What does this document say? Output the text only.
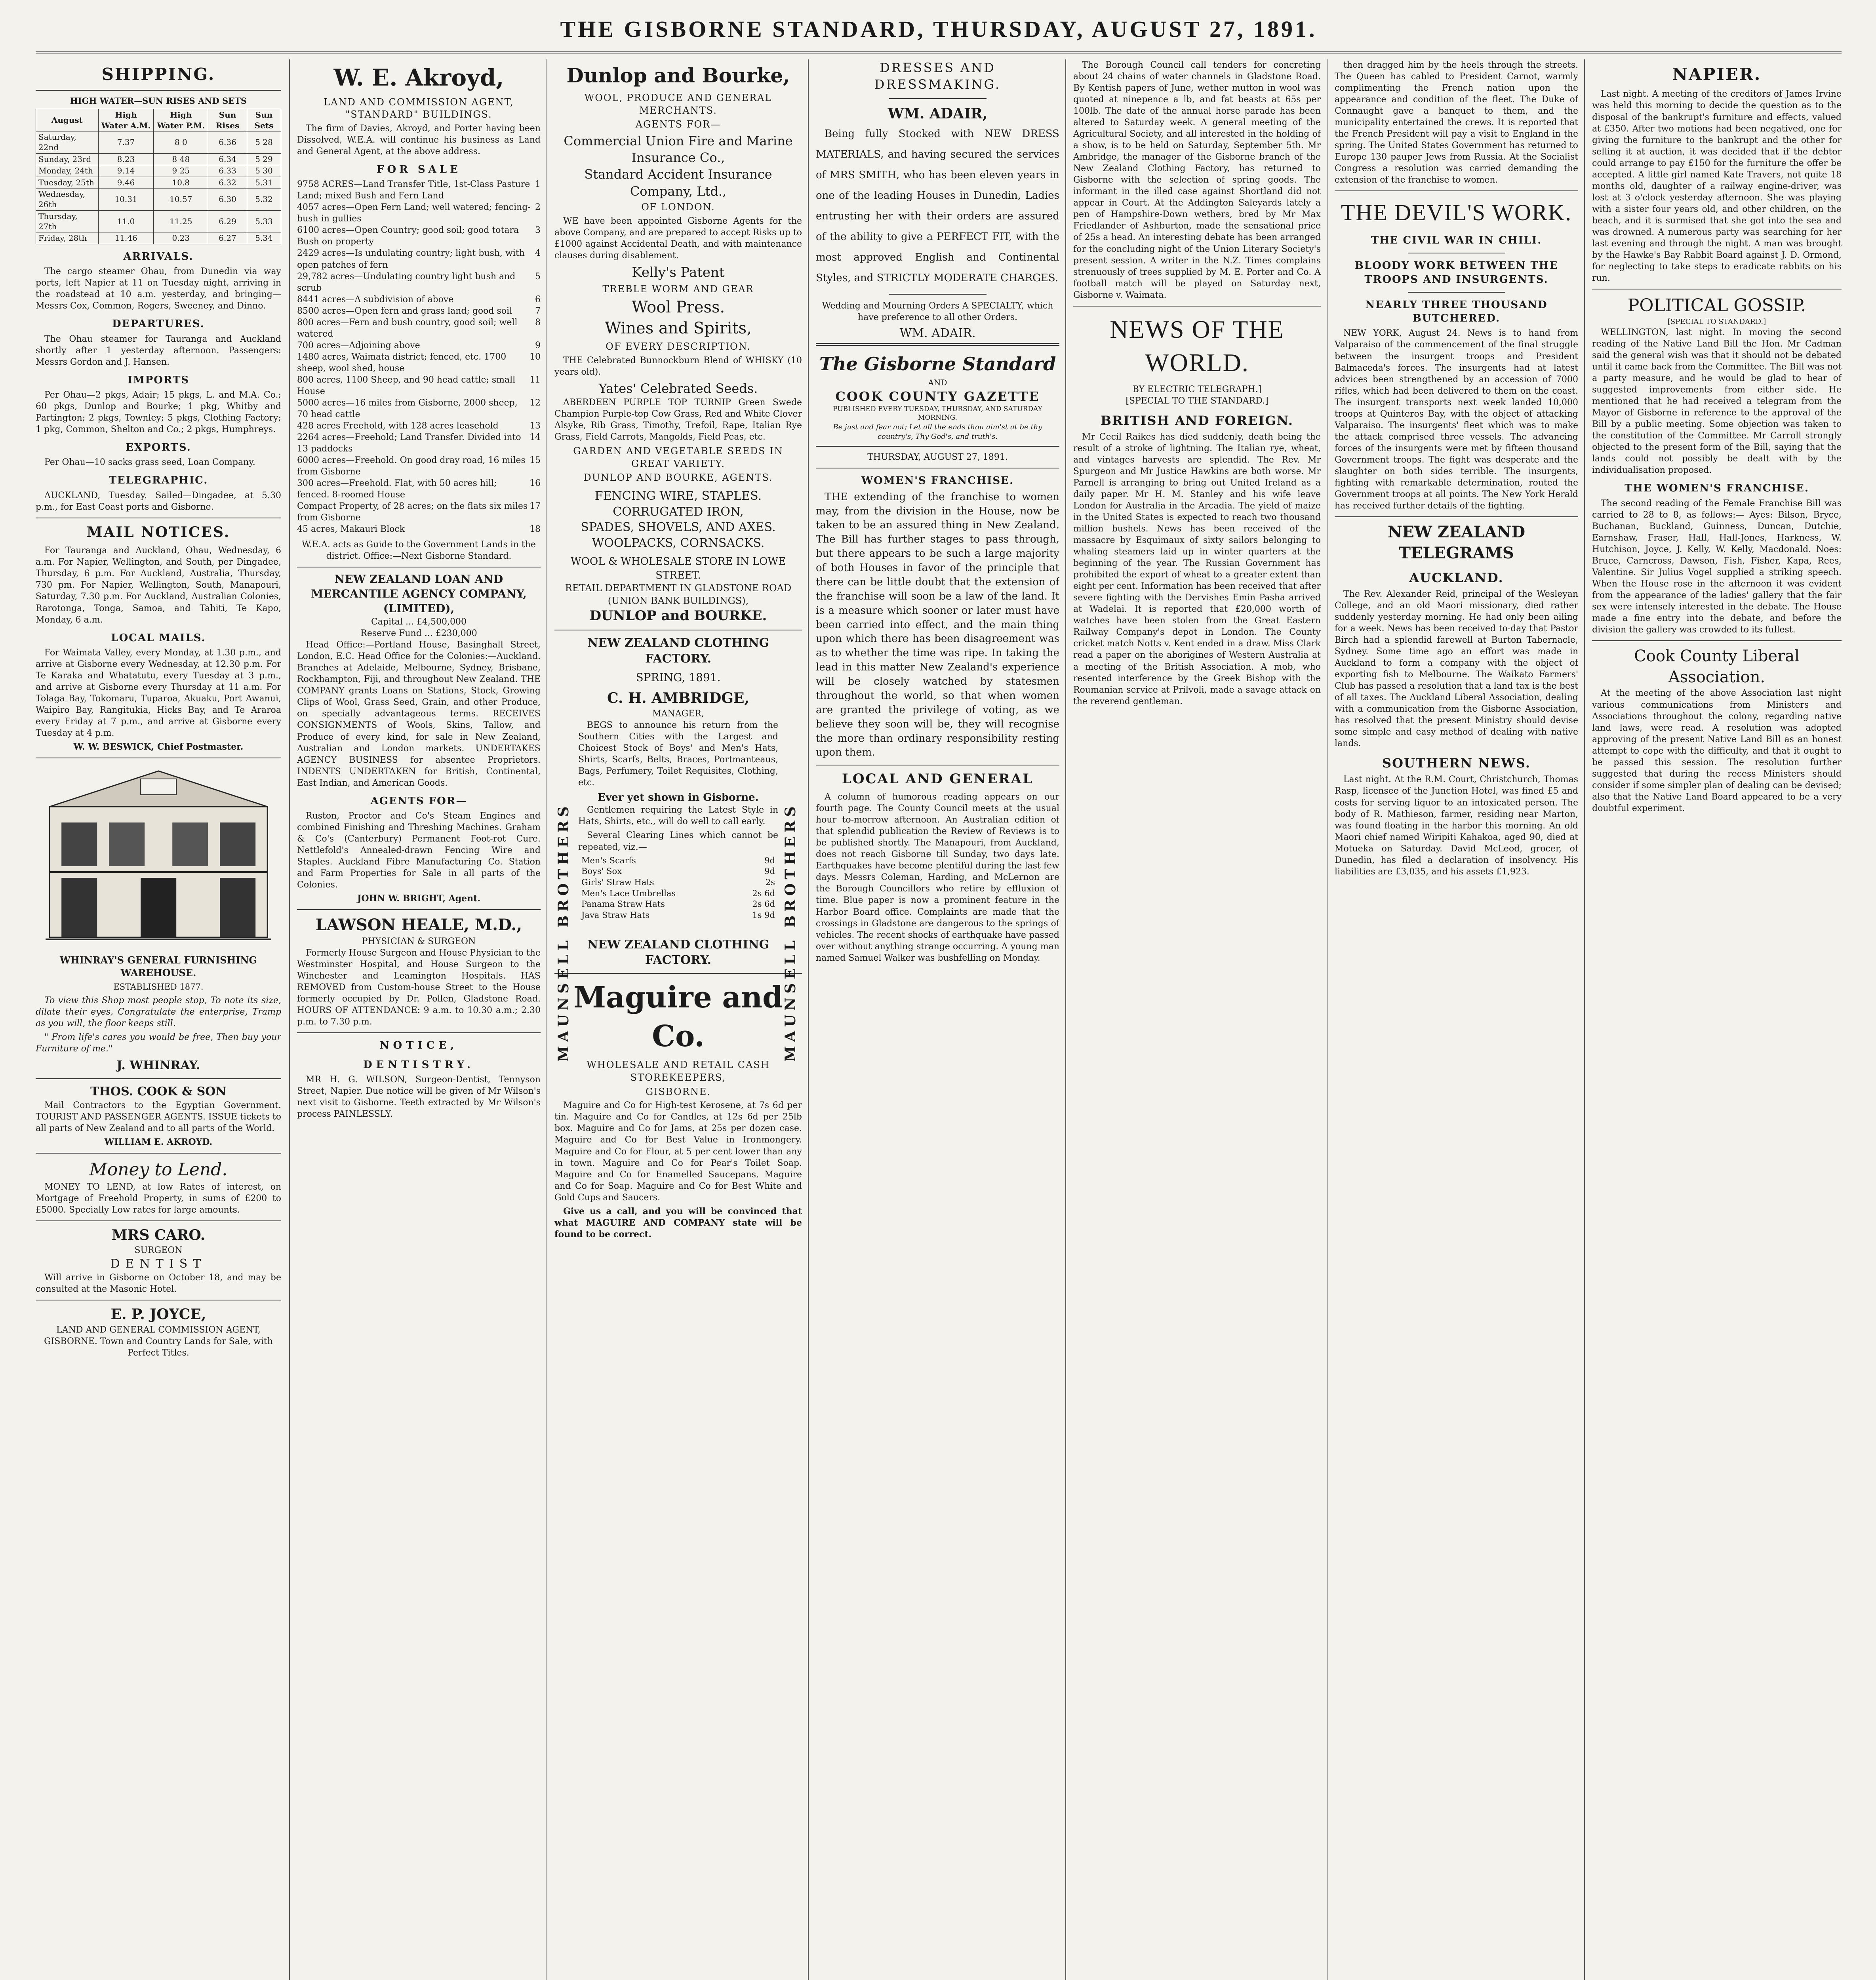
THE GISBORNE STANDARD, THURSDAY, AUGUST 27, 1891.
SHIPPING.
HIGH WATER—SUN RISES AND SETS
August	High Water A.M.	High Water P.M.	Sun Rises	Sun Sets
Saturday, 22nd	7.37	8 0	6.36	5 28
Sunday, 23rd	8.23	8 48	6.34	5 29
Monday, 24th	9.14	9 25	6.33	5 30
Tuesday, 25th	9.46	10.8	6.32	5.31
Wednesday, 26th	10.31	10.57	6.30	5.32
Thursday, 27th	11.0	11.25	6.29	5.33
Friday, 28th	11.46	0.23	6.27	5.34
ARRIVALS.

The cargo steamer Ohau, from Dunedin via way ports, left Napier at 11 on Tuesday night, arriving in the roadstead at 10 a.m. yesterday, and bringing—Messrs Cox, Common, Rogers, Sweeney, and Dinno.

DEPARTURES.

The Ohau steamer for Tauranga and Auckland shortly after 1 yesterday afternoon. Passengers: Messrs Gordon and J. Hansen.

IMPORTS

Per Ohau—2 pkgs, Adair; 15 pkgs, L. and M.A. Co.; 60 pkgs, Dunlop and Bourke; 1 pkg, Whitby and Partington; 2 pkgs, Townley; 5 pkgs, Clothing Factory; 1 pkg, Common, Shelton and Co.; 2 pkgs, Humphreys.

EXPORTS.

Per Ohau—10 sacks grass seed, Loan Company.

TELEGRAPHIC.

AUCKLAND, Tuesday. Sailed—Dingadee, at 5.30 p.m., for East Coast ports and Gisborne.

MAIL NOTICES.

For Tauranga and Auckland, Ohau, Wednesday, 6 a.m. For Napier, Wellington, and South, per Dingadee, Thursday, 6 p.m. For Auckland, Australia, Thursday, 730 pm. For Napier, Wellington, South, Manapouri, Saturday, 7.30 p.m. For Auckland, Australian Colonies, Rarotonga, Tonga, Samoa, and Tahiti, Te Kapo, Monday, 6 a.m.

LOCAL MAILS.

For Waimata Valley, every Monday, at 1.30 p.m., and arrive at Gisborne every Wednesday, at 12.30 p.m. For Te Karaka and Whatatutu, every Tuesday at 3 p.m., and arrive at Gisborne every Thursday at 11 a.m. For Tolaga Bay, Tokomaru, Tuparoa, Akuaku, Port Awanui, Waipiro Bay, Rangitukia, Hicks Bay, and Te Araroa every Friday at 7 p.m., and arrive at Gisborne every Tuesday at 4 p.m.

W. W. BESWICK, Chief Postmaster.

WHINRAY'S GENERAL FURNISHING WAREHOUSE.
ESTABLISHED 1877.

To view this Shop most people stop, To note its size, dilate their eyes, Congratulate the enterprise, Tramp as you will, the floor keeps still.

" From life's cares you would be free, Then buy your Furniture of me."

J. WHINRAY.
THOS. COOK & SON

Mail Contractors to the Egyptian Government. TOURIST AND PASSENGER AGENTS. ISSUE tickets to all parts of New Zealand and to all parts of the World.

WILLIAM E. AKROYD.
Money to Lend.

MONEY TO LEND, at low Rates of interest, on Mortgage of Freehold Property, in sums of £200 to £5000. Specially Low rates for large amounts.

MRS CARO.
SURGEON
DENTIST

Will arrive in Gisborne on October 18, and may be consulted at the Masonic Hotel.

E. P. JOYCE,

LAND AND GENERAL COMMISSION AGENT, GISBORNE. Town and Country Lands for Sale, with Perfect Titles.

W. E. Akroyd,
LAND AND COMMISSION AGENT, "STANDARD" BUILDINGS.

The firm of Davies, Akroyd, and Porter having been Dissolved, W.E.A. will continue his business as Land and General Agent, at the above address.

FOR SALE
9758 ACRES—Land Transfer Title, 1st-Class Pasture Land; mixed Bush and Fern Land
1
4057 acres—Open Fern Land; well watered; fencing-bush in gullies
2
6100 acres—Open Country; good soil; good totara Bush on property
3
2429 acres—Is undulating country; light bush, with open patches of fern
4
29,782 acres—Undulating country light bush and scrub
5
8441 acres—A subdivision of above	6
8500 acres—Open fern and grass land; good soil	7
800 acres—Fern and bush country, good soil; well watered
8
700 acres—Adjoining above	9
1480 acres, Waimata district; fenced, etc. 1700 sheep, wool shed, house
10
800 acres, 1100 Sheep, and 90 head cattle; small House
11
5000 acres—16 miles from Gisborne, 2000 sheep, 70 head cattle
12
428 acres Freehold, with 128 acres leasehold	13
2264 acres—Freehold; Land Transfer. Divided into 13 paddocks
14
6000 acres—Freehold. On good dray road, 16 miles from Gisborne
15
300 acres—Freehold. Flat, with 50 acres hill; fenced. 8-roomed House
16
Compact Property, of 28 acres; on the flats six miles from Gisborne
17
45 acres, Makauri Block	18

W.E.A. acts as Guide to the Government Lands in the district. Office:—Next Gisborne Standard.

NEW ZEALAND LOAN AND MERCANTILE AGENCY COMPANY, (LIMITED),
Capital ... £4,500,000
Reserve Fund ... £230,000

Head Office:—Portland House, Basinghall Street, London, E.C. Head Office for the Colonies:—Auckland. Branches at Adelaide, Melbourne, Sydney, Brisbane, Rockhampton, Fiji, and throughout New Zealand. THE COMPANY grants Loans on Stations, Stock, Growing Clips of Wool, Grass Seed, Grain, and other Produce, on specially advantageous terms. RECEIVES CONSIGNMENTS of Wools, Skins, Tallow, and Produce of every kind, for sale in New Zealand, Australian and London markets. UNDERTAKES AGENCY BUSINESS for absentee Proprietors. INDENTS UNDERTAKEN for British, Continental, East Indian, and American Goods.

AGENTS FOR—

Ruston, Proctor and Co's Steam Engines and combined Finishing and Threshing Machines. Graham & Co's (Canterbury) Permanent Foot-rot Cure. Nettlefold's Annealed-drawn Fencing Wire and Staples. Auckland Fibre Manufacturing Co. Station and Farm Properties for Sale in all parts of the Colonies.

JOHN W. BRIGHT, Agent.
LAWSON HEALE, M.D.,
PHYSICIAN & SURGEON

Formerly House Surgeon and House Physician to the Westminster Hospital, and House Surgeon to the Winchester and Leamington Hospitals. HAS REMOVED from Custom-house Street to the House formerly occupied by Dr. Pollen, Gladstone Road. HOURS OF ATTENDANCE: 9 a.m. to 10.30 a.m.; 2.30 p.m. to 7.30 p.m.

NOTICE,
DENTISTRY.

MR H. G. WILSON, Surgeon-Dentist, Tennyson Street, Napier. Due notice will be given of Mr Wilson's next visit to Gisborne. Teeth extracted by Mr Wilson's process PAINLESSLY.

Dunlop and Bourke,
WOOL, PRODUCE AND GENERAL MERCHANTS.
AGENTS FOR—
Commercial Union Fire and Marine Insurance Co.,
Standard Accident Insurance Company, Ltd.,
OF LONDON.

WE have been appointed Gisborne Agents for the above Company, and are prepared to accept Risks up to £1000 against Accidental Death, and with maintenance clauses during disablement.

Kelly's Patent
TREBLE WORM AND GEAR
Wool Press.
Wines and Spirits,
OF EVERY DESCRIPTION.

THE Celebrated Bunnockburn Blend of WHISKY (10 years old).

Yates' Celebrated Seeds.

ABERDEEN PURPLE TOP TURNIP Green Swede Champion Purple-top Cow Grass, Red and White Clover Alsyke, Rib Grass, Timothy, Trefoil, Rape, Italian Rye Grass, Field Carrots, Mangolds, Field Peas, etc.

GARDEN AND VEGETABLE SEEDS IN GREAT VARIETY.
DUNLOP AND BOURKE, AGENTS.
FENCING WIRE, STAPLES.
CORRUGATED IRON,
SPADES, SHOVELS, AND AXES.
WOOLPACKS, CORNSACKS.
WOOL & WHOLESALE STORE IN LOWE STREET.
RETAIL DEPARTMENT IN GLADSTONE ROAD (UNION BANK BUILDINGS),
DUNLOP and BOURKE.
MAUNSELL BROTHERS	MAUNSELL BROTHERS
NEW ZEALAND CLOTHING FACTORY.
SPRING, 1891.
C. H. AMBRIDGE,
MANAGER,

BEGS to announce his return from the Southern Cities with the Largest and Choicest Stock of Boys' and Men's Hats, Shirts, Scarfs, Belts, Braces, Portmanteaus, Bags, Perfumery, Toilet Requisites, Clothing, etc.

Ever yet shown in Gisborne.

Gentlemen requiring the Latest Style in Hats, Shirts, etc., will do well to call early.

Several Clearing Lines which cannot be repeated, viz.—

Men's Scarfs	9d
Boys' Sox	9d
Girls' Straw Hats	2s
Men's Lace Umbrellas	2s 6d
Panama Straw Hats	2s 6d
Java Straw Hats	1s 9d
NEW ZEALAND CLOTHING FACTORY.
Maguire and Co.
WHOLESALE AND RETAIL CASH STOREKEEPERS,
GISBORNE.

Maguire and Co for High-test Kerosene, at 7s 6d per tin. Maguire and Co for Candles, at 12s 6d per 25lb box. Maguire and Co for Jams, at 25s per dozen case. Maguire and Co for Best Value in Ironmongery. Maguire and Co for Flour, at 5 per cent lower than any in town. Maguire and Co for Pear's Toilet Soap. Maguire and Co for Enamelled Saucepans. Maguire and Co for Soap. Maguire and Co for Best White and Gold Cups and Saucers.

Give us a call, and you will be convinced that what MAGUIRE AND COMPANY state will be found to be correct.

DRESSES AND DRESSMAKING.
WM. ADAIR,

Being fully Stocked with NEW DRESS MATERIALS, and having secured the services of MRS SMITH, who has been eleven years in one of the leading Houses in Dunedin, Ladies entrusting her with their orders are assured of the ability to give a PERFECT FIT, with the most approved English and Continental Styles, and STRICTLY MODERATE CHARGES.

Wedding and Mourning Orders A SPECIALTY, which have preference to all other Orders.

WM. ADAIR.
The Gisborne Standard
AND
COOK COUNTY GAZETTE
PUBLISHED EVERY TUESDAY, THURSDAY, AND SATURDAY MORNING.
Be just and fear not; Let all the ends thou aim'st at be thy country's, Thy God's, and truth's.
THURSDAY, AUGUST 27, 1891.
WOMEN'S FRANCHISE.

THE extending of the franchise to women may, from the division in the House, now be taken to be an assured thing in New Zealand. The Bill has further stages to pass through, but there appears to be such a large majority of both Houses in favor of the principle that there can be little doubt that the extension of the franchise will soon be a law of the land. It is a measure which sooner or later must have been carried into effect, and the main thing upon which there has been disagreement was as to whether the time was ripe. In taking the lead in this matter New Zealand's experience will be closely watched by statesmen throughout the world, so that when women are granted the privilege of voting, as we believe they soon will be, they will recognise the more than ordinary responsibility resting upon them.

LOCAL AND GENERAL

A column of humorous reading appears on our fourth page. The County Council meets at the usual hour to-morrow afternoon. An Australian edition of that splendid publication the Review of Reviews is to be published shortly. The Manapouri, from Auckland, does not reach Gisborne till Sunday, two days late. Earthquakes have become plentiful during the last few days. Messrs Coleman, Harding, and McLernon are the Borough Councillors who retire by effluxion of time. Blue paper is now a prominent feature in the Harbor Board office. Complaints are made that the crossings in Gladstone are dangerous to the springs of vehicles. The recent shocks of earthquake have passed over without anything strange occurring. A young man named Samuel Walker was bushfelling on Monday.

The Borough Council call tenders for concreting about 24 chains of water channels in Gladstone Road. By Kentish papers of June, wether mutton in wool was quoted at ninepence a lb, and fat beasts at 65s per 100lb. The date of the annual horse parade has been altered to Saturday week. A general meeting of the Agricultural Society, and all interested in the holding of a show, is to be held on Saturday, September 5th. Mr Ambridge, the manager of the Gisborne branch of the New Zealand Clothing Factory, has returned to Gisborne with the selection of spring goods. The informant in the illed case against Shortland did not appear in Court. At the Addington Saleyards lately a pen of Hampshire-Down wethers, bred by Mr Max Friedlander of Ashburton, made the sensational price of 25s a head. An interesting debate has been arranged for the concluding night of the Union Literary Society's present session. A writer in the N.Z. Times complains strenuously of trees supplied by M. E. Porter and Co. A football match will be played on Saturday next, Gisborne v. Waimata.

NEWS OF THE WORLD.
BY ELECTRIC TELEGRAPH.]
[SPECIAL TO THE STANDARD.]
BRITISH AND FOREIGN.

Mr Cecil Raikes has died suddenly, death being the result of a stroke of lightning. The Italian rye, wheat, and vintages harvests are splendid. The Rev. Mr Spurgeon and Mr Justice Hawkins are both worse. Mr Parnell is arranging to bring out United Ireland as a daily paper. Mr H. M. Stanley and his wife leave London for Australia in the Arcadia. The yield of maize in the United States is expected to reach two thousand million bushels. News has been received of the massacre by Esquimaux of sixty sailors belonging to whaling steamers laid up in winter quarters at the beginning of the year. The Russian Government has prohibited the export of wheat to a greater extent than eight per cent. Information has been received that after severe fighting with the Dervishes Emin Pasha arrived at Wadelai. It is reported that £20,000 worth of watches have been stolen from the Great Eastern Railway Company's depot in London. The County cricket match Notts v. Kent ended in a draw. Miss Clark read a paper on the aborigines of Western Australia at a meeting of the British Association. A mob, who resented interference by the Greek Bishop with the Roumanian service at Prilvoli, made a savage attack on the reverend gentleman.

then dragged him by the heels through the streets. The Queen has cabled to President Carnot, warmly complimenting the French nation upon the appearance and condition of the fleet. The Duke of Connaught gave a banquet to them, and the municipality entertained the crews. It is reported that the French President will pay a visit to England in the spring. The United States Government has returned to Europe 130 pauper Jews from Russia. At the Socialist Congress a resolution was carried demanding the extension of the franchise to women.

THE DEVIL'S WORK.
THE CIVIL WAR IN CHILI.
BLOODY WORK BETWEEN THE TROOPS AND INSURGENTS.
NEARLY THREE THOUSAND BUTCHERED.

NEW YORK, August 24. News is to hand from Valparaiso of the commencement of the final struggle between the insurgent troops and President Balmaceda's forces. The insurgents had at latest advices been strengthened by an accession of 7000 rifles, which had been delivered to them on the coast. The insurgent transports next week landed 10,000 troops at Quinteros Bay, with the object of attacking Valparaiso. The insurgents' fleet which was to make the attack comprised three vessels. The advancing forces of the insurgents were met by fifteen thousand Government troops. The fight was desperate and the slaughter on both sides terrible. The insurgents, fighting with remarkable determination, routed the Government troops at all points. The New York Herald has received further details of the fighting.

NEW ZEALAND TELEGRAMS
AUCKLAND.

The Rev. Alexander Reid, principal of the Wesleyan College, and an old Maori missionary, died rather suddenly yesterday morning. He had only been ailing for a week. News has been received to-day that Pastor Birch had a splendid farewell at Burton Tabernacle, Sydney. Some time ago an effort was made in Auckland to form a company with the object of exporting fish to Melbourne. The Waikato Farmers' Club has passed a resolution that a land tax is the best of all taxes. The Auckland Liberal Association, dealing with a communication from the Gisborne Association, has resolved that the present Ministry should devise some simple and easy method of dealing with native lands.

SOUTHERN NEWS.

Last night. At the R.M. Court, Christchurch, Thomas Rasp, licensee of the Junction Hotel, was fined £5 and costs for serving liquor to an intoxicated person. The body of R. Mathieson, farmer, residing near Marton, was found floating in the harbor this morning. An old Maori chief named Wiripiti Kahakoa, aged 90, died at Motueka on Saturday. David McLeod, grocer, of Dunedin, has filed a declaration of insolvency. His liabilities are £3,035, and his assets £1,923.

NAPIER.

Last night. A meeting of the creditors of James Irvine was held this morning to decide the question as to the disposal of the bankrupt's furniture and effects, valued at £350. After two motions had been negatived, one for giving the furniture to the bankrupt and the other for selling it at auction, it was decided that if the debtor could arrange to pay £150 for the furniture the offer be accepted. A little girl named Kate Travers, not quite 18 months old, daughter of a railway engine-driver, was lost at 3 o'clock yesterday afternoon. She was playing with a sister four years old, and other children, on the beach, and it is surmised that she got into the sea and was drowned. A numerous party was searching for her last evening and through the night. A man was brought by the Hawke's Bay Rabbit Board against J. D. Ormond, for neglecting to take steps to eradicate rabbits on his run.

POLITICAL GOSSIP.
[SPECIAL TO STANDARD.]

WELLINGTON, last night. In moving the second reading of the Native Land Bill the Hon. Mr Cadman said the general wish was that it should not be debated until it came back from the Committee. The Bill was not a party measure, and he would be glad to hear of suggested improvements from either side. He mentioned that he had received a telegram from the Mayor of Gisborne in reference to the approval of the Bill by a public meeting. Some objection was taken to the constitution of the Committee. Mr Carroll strongly objected to the present form of the Bill, saying that the lands could not possibly be dealt with by the individualisation proposed.

THE WOMEN'S FRANCHISE.

The second reading of the Female Franchise Bill was carried to 28 to 8, as follows:— Ayes: Bilson, Bryce, Buchanan, Buckland, Guinness, Duncan, Dutchie, Earnshaw, Fraser, Hall, Hall-Jones, Harkness, W. Hutchison, Joyce, J. Kelly, W. Kelly, Macdonald. Noes: Bruce, Carncross, Dawson, Fish, Fisher, Kapa, Rees, Valentine. Sir Julius Vogel supplied a striking speech. When the House rose in the afternoon it was evident from the appearance of the ladies' gallery that the fair sex were intensely interested in the debate. The House made a fine entry into the debate, and before the division the gallery was crowded to its fullest.

Cook County Liberal Association.

At the meeting of the above Association last night various communications from Ministers and Associations throughout the colony, regarding native land laws, were read. A resolution was adopted approving of the present Native Land Bill as an honest attempt to cope with the difficulty, and that it ought to be passed this session. The resolution further suggested that during the recess Ministers should consider if some simpler plan of dealing can be devised; also that the Native Land Board appeared to be a very doubtful experiment.
